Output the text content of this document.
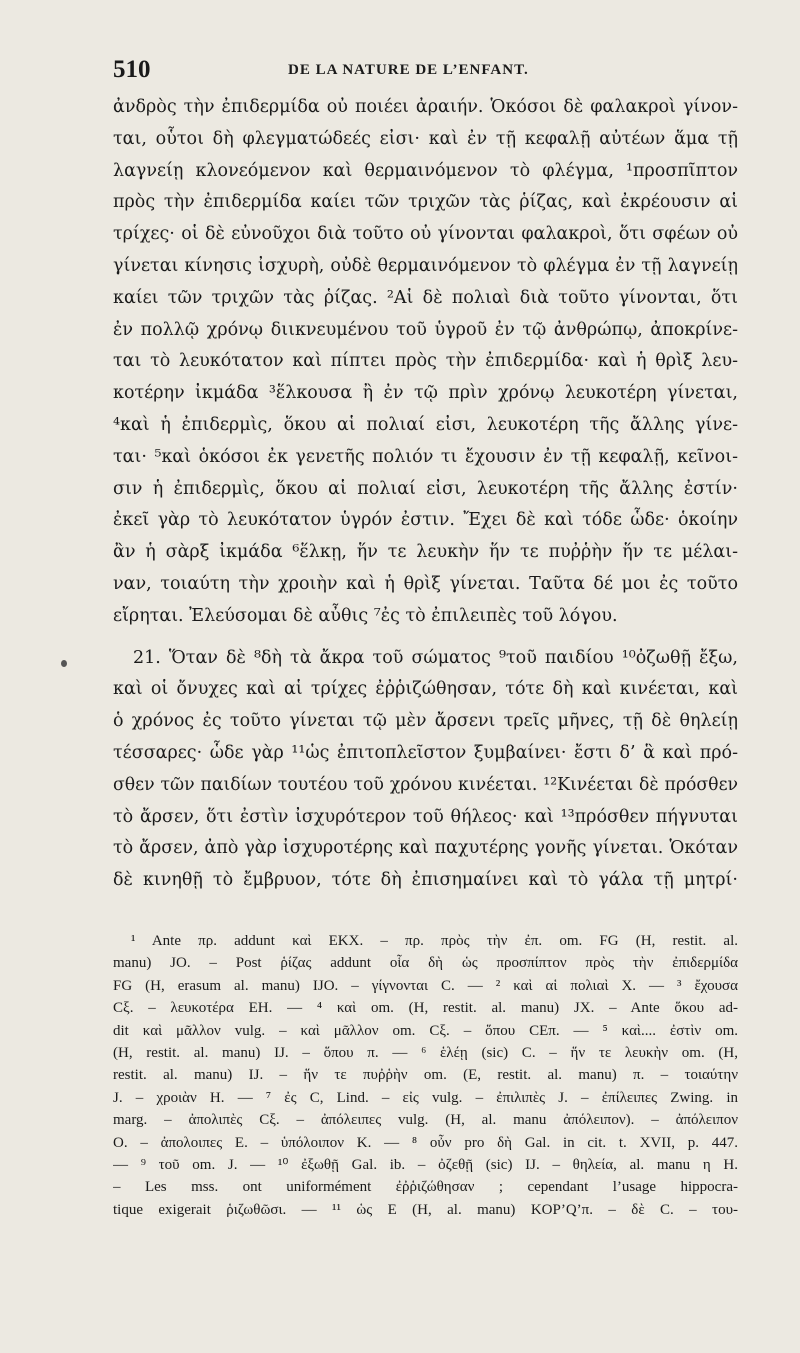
510	DE LA NATURE DE L’ENFANT.
ἀνδρὸς τὴν ἐπιδερμίδα οὐ ποιέει ἀραιήν. Ὁκόσοι δὲ φαλακροὶ γίνον-
ται, οὗτοι δὴ φλεγματώδεές εἰσι· καὶ ἐν τῇ κεφαλῇ αὐτέων ἅμα τῇ
λαγνείῃ κλονεόμενον καὶ θερμαινόμενον τὸ φλέγμα, ¹προσπῖπτον
πρὸς τὴν ἐπιδερμίδα καίει τῶν τριχῶν τὰς ῥίζας, καὶ ἐκρέουσιν αἱ
τρίχες· οἱ δὲ εὐνοῦχοι διὰ τοῦτο οὐ γίνονται φαλακροὶ, ὅτι σφέων οὐ
γίνεται κίνησις ἰσχυρὴ, οὐδὲ θερμαινόμενον τὸ φλέγμα ἐν τῇ λαγνείῃ
καίει τῶν τριχῶν τὰς ῥίζας. ²Αἱ δὲ πολιαὶ διὰ τοῦτο γίνονται, ὅτι
ἐν πολλῷ χρόνῳ διικνευμένου τοῦ ὑγροῦ ἐν τῷ ἀνθρώπῳ, ἀποκρίνε-
ται τὸ λευκότατον καὶ πίπτει πρὸς τὴν ἐπιδερμίδα· καὶ ἡ θρὶξ λευ-
κοτέρην ἰκμάδα ³ἕλκουσα ἢ ἐν τῷ πρὶν χρόνῳ λευκοτέρη γίνεται,
⁴καὶ ἡ ἐπιδερμὶς, ὅκου αἱ πολιαί εἰσι, λευκοτέρη τῆς ἄλλης γίνε-
ται· ⁵καὶ ὁκόσοι ἐκ γενετῆς πολιόν τι ἔχουσιν ἐν τῇ κεφαλῇ, κεῖνοι-
σιν ἡ ἐπιδερμὶς, ὅκου αἱ πολιαί εἰσι, λευκοτέρη τῆς ἄλλης ἐστίν·
ἐκεῖ γὰρ τὸ λευκότατον ὑγρόν ἐστιν. Ἔχει δὲ καὶ τόδε ὧδε· ὁκοίην
ἂν ἡ σὰρξ ἰκμάδα ⁶ἕλκῃ, ἥν τε λευκὴν ἥν τε πυῤῥὴν ἥν τε μέλαι-
ναν, τοιαύτη τὴν χροιὴν καὶ ἡ θρὶξ γίνεται. Ταῦτα δέ μοι ἐς τοῦτο
εἴρηται. Ἐλεύσομαι δὲ αὖθις ⁷ἐς τὸ ἐπιλειπὲς τοῦ λόγου.
21. Ὅταν δὲ ⁸δὴ τὰ ἄκρα τοῦ σώματος ⁹τοῦ παιδίου ¹⁰ὀζωθῇ ἔξω,
καὶ οἱ ὄνυχες καὶ αἱ τρίχες ἐῤῥιζώθησαν, τότε δὴ καὶ κινέεται, καὶ
ὁ χρόνος ἐς τοῦτο γίνεται τῷ μὲν ἄρσενι τρεῖς μῆνες, τῇ δὲ θηλείῃ
τέσσαρες· ὧδε γὰρ ¹¹ὡς ἐπιτοπλεῖστον ξυμβαίνει· ἔστι δ’ ἃ καὶ πρό-
σθεν τῶν παιδίων τουτέου τοῦ χρόνου κινέεται. ¹²Κινέεται δὲ πρόσθεν
τὸ ἄρσεν, ὅτι ἐστὶν ἰσχυρότερον τοῦ θήλεος· καὶ ¹³πρόσθεν πήγνυται
τὸ ἄρσεν, ἀπὸ γὰρ ἰσχυροτέρης καὶ παχυτέρης γονῆς γίνεται. Ὁκόταν
δὲ κινηθῇ τὸ ἔμβρυον, τότε δὴ ἐπισημαίνει καὶ τὸ γάλα τῇ μητρί·
¹ Ante πρ. addunt καὶ EKX. – πρ. πρὸς τὴν ἐπ. om. FG (H, restit. al.
manu) JO. – Post ῥίζας addunt οἷα δὴ ὡς προσπίπτον πρὸς τὴν ἐπιδερμίδα
FG (H, erasum al. manu) IJO. – γίγνονται C. — ² καὶ αἱ πολιαὶ X. — ³ ἔχουσα
Cξ. – λευκοτέρα EH. — ⁴ καὶ om. (H, restit. al. manu) JX. – Ante ὅκου ad-
dit καὶ μᾶλλον vulg. – καὶ μᾶλλον om. Cξ. – ὅπου CEπ. — ⁵ καὶ.... ἐστὶν om.
(H, restit. al. manu) IJ. – ὅπου π. — ⁶ ἑλέῃ (sic) C. – ἥν τε λευκὴν om. (H,
restit. al. manu) IJ. – ἥν τε πυῤῥὴν om. (E, restit. al. manu) π. – τοιαύτην
J. – χροιὰν H. — ⁷ ἐς C, Lind. – εἰς vulg. – ἐπιλιπὲς J. – ἐπίλειπες Zwing. in
marg. – ἀπολιπὲς Cξ. – ἀπόλειπες vulg. (H, al. manu ἀπόλειπον). – ἀπόλειπον
O. – ἀπολοιπες E. – ὑπόλοιπον K. — ⁸ οὖν pro δὴ Gal. in cit. t. XVII, p. 447.
— ⁹ τοῦ om. J. — ¹⁰ ἐξωθῇ Gal. ib. – ὀζεθῇ (sic) IJ. – θηλεία, al. manu η H.
– Les mss. ont uniformément ἐῤῥιζώθησαν ; cependant l’usage hippocra-
tique exigerait ῥιζωθῶσι. — ¹¹ ὡς E (H, al. manu) KOP’Q’π. – δὲ C. – του-
